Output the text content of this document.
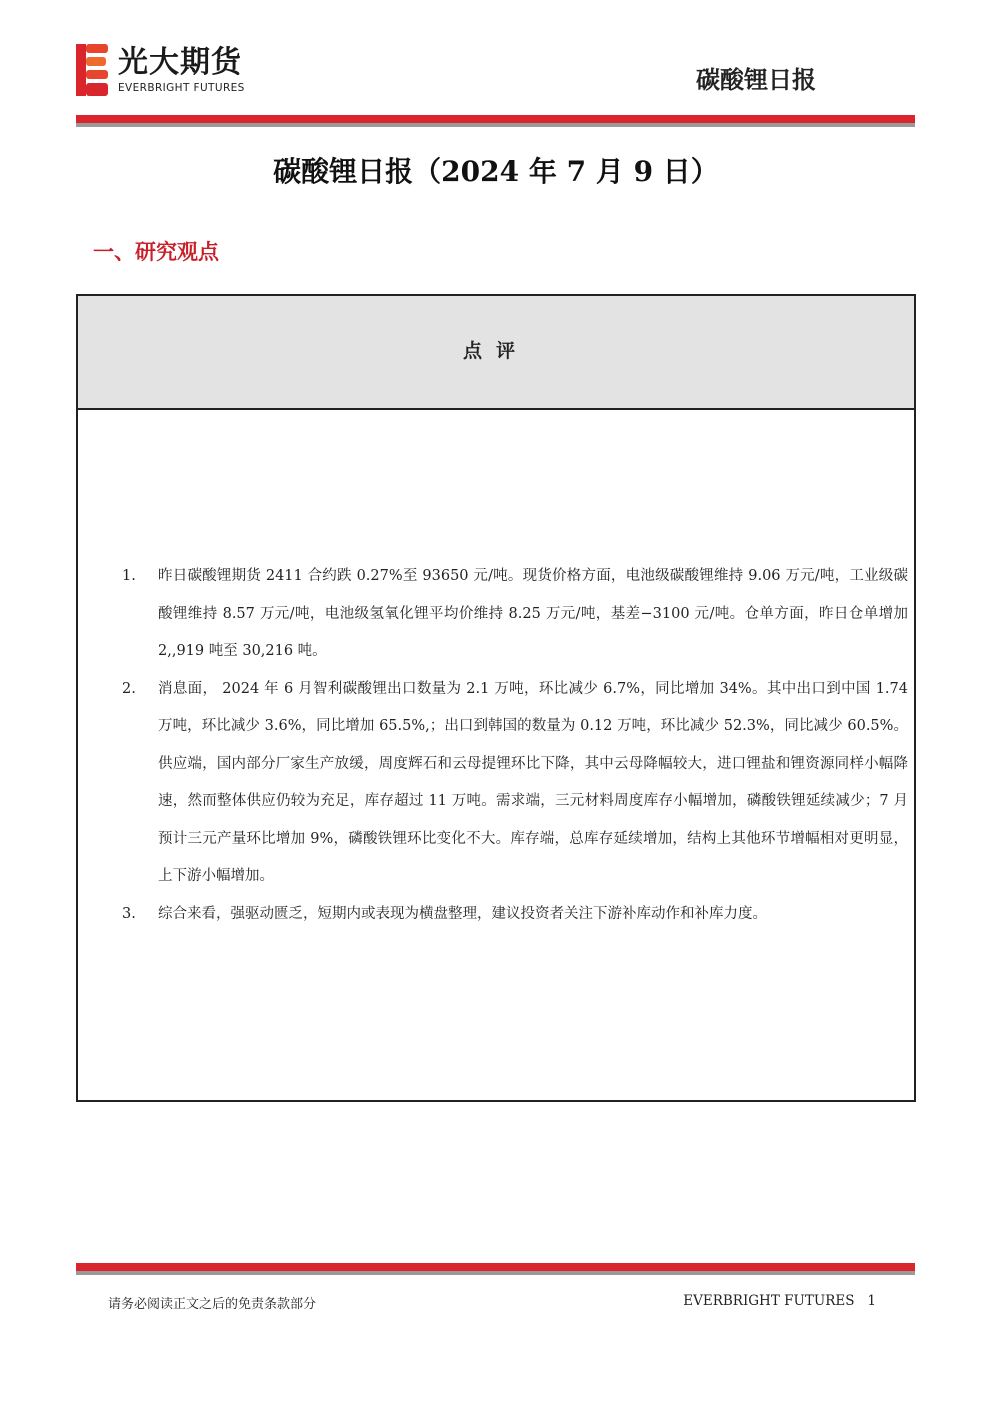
光大期货
EVERBRIGHT FUTURES	碳酸锂日报
碳酸锂日报（2024 年 7 月 9 日）
一、研究观点
点评
1. 昨日碳酸锂期货 2411 合约跌 0.27%至 93650 元/吨。现货价格方面，电池级碳酸锂维持 9.06 万元/吨，工业级碳酸锂维持 8.57 万元/吨，电池级氢氧化锂平均价维持 8.25 万元/吨，基差−3100 元/吨。仓单方面，昨日仓单增加 2,,919 吨至 30,216 吨。
2. 消息面， 2024 年 6 月智利碳酸锂出口数量为 2.1 万吨，环比减少 6.7%，同比增加 34%。其中出口到中国 1.74 万吨，环比减少 3.6%，同比增加 65.5%,；出口到韩国的数量为 0.12 万吨，环比减少 52.3%，同比减少 60.5%。供应端，国内部分厂家生产放缓，周度辉石和云母提锂环比下降，其中云母降幅较大，进口锂盐和锂资源同样小幅降速，然而整体供应仍较为充足，库存超过 11 万吨。需求端，三元材料周度库存小幅增加，磷酸铁锂延续减少；7 月预计三元产量环比增加 9%，磷酸铁锂环比变化不大。库存端，总库存延续增加，结构上其他环节增幅相对更明显，上下游小幅增加。
3. 综合来看，强驱动匮乏，短期内或表现为横盘整理，建议投资者关注下游补库动作和补库力度。
请务必阅读正文之后的免责条款部分	EVERBRIGHT FUTURES 1
